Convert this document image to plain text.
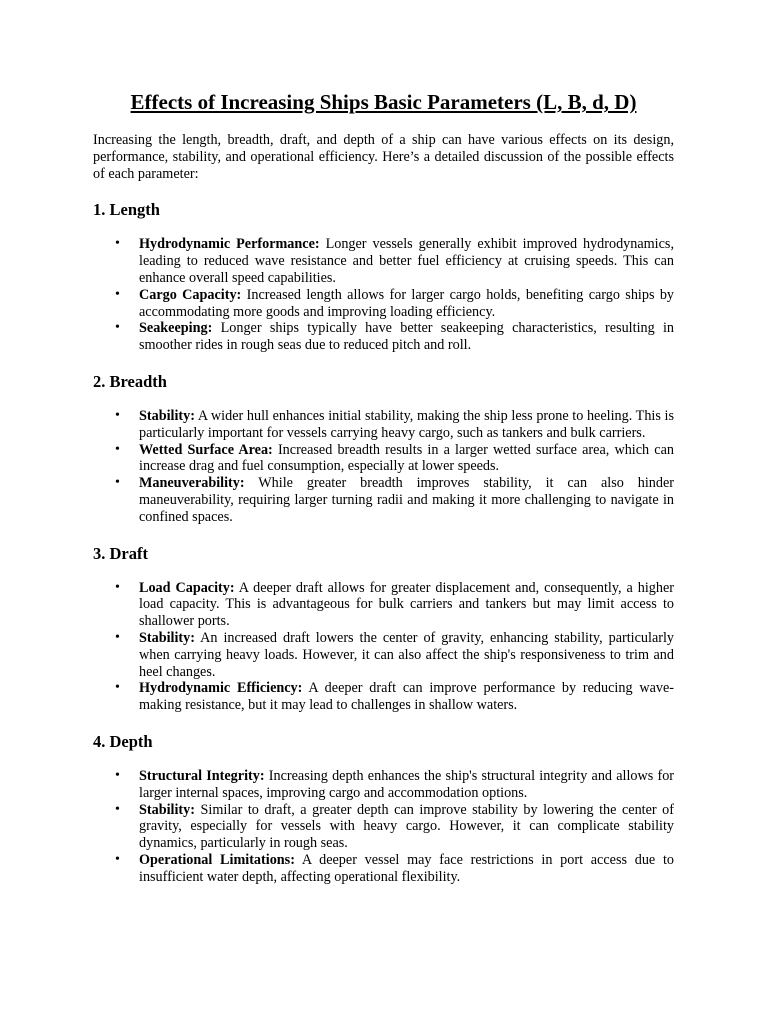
Effects of Increasing Ships Basic Parameters (L, B, d, D)

Increasing the length, breadth, draft, and depth of a ship can have various effects on its design, performance, stability, and operational efficiency. Here’s a detailed discussion of the possible effects of each parameter:

1. Length
• Hydrodynamic Performance: Longer vessels generally exhibit improved hydrodynamics, leading to reduced wave resistance and better fuel efficiency at cruising speeds. This can enhance overall speed capabilities.
• Cargo Capacity: Increased length allows for larger cargo holds, benefiting cargo ships by accommodating more goods and improving loading efficiency.
• Seakeeping: Longer ships typically have better seakeeping characteristics, resulting in smoother rides in rough seas due to reduced pitch and roll.
2. Breadth
• Stability: A wider hull enhances initial stability, making the ship less prone to heeling. This is particularly important for vessels carrying heavy cargo, such as tankers and bulk carriers.
• Wetted Surface Area: Increased breadth results in a larger wetted surface area, which can increase drag and fuel consumption, especially at lower speeds.
• Maneuverability: While greater breadth improves stability, it can also hinder maneuverability, requiring larger turning radii and making it more challenging to navigate in confined spaces.
3. Draft
• Load Capacity: A deeper draft allows for greater displacement and, consequently, a higher load capacity. This is advantageous for bulk carriers and tankers but may limit access to shallower ports.
• Stability: An increased draft lowers the center of gravity, enhancing stability, particularly when carrying heavy loads. However, it can also affect the ship's responsiveness to trim and heel changes.
• Hydrodynamic Efficiency: A deeper draft can improve performance by reducing wave-making resistance, but it may lead to challenges in shallow waters.
4. Depth
• Structural Integrity: Increasing depth enhances the ship's structural integrity and allows for larger internal spaces, improving cargo and accommodation options.
• Stability: Similar to draft, a greater depth can improve stability by lowering the center of gravity, especially for vessels with heavy cargo. However, it can complicate stability dynamics, particularly in rough seas.
• Operational Limitations: A deeper vessel may face restrictions in port access due to insufficient water depth, affecting operational flexibility.
